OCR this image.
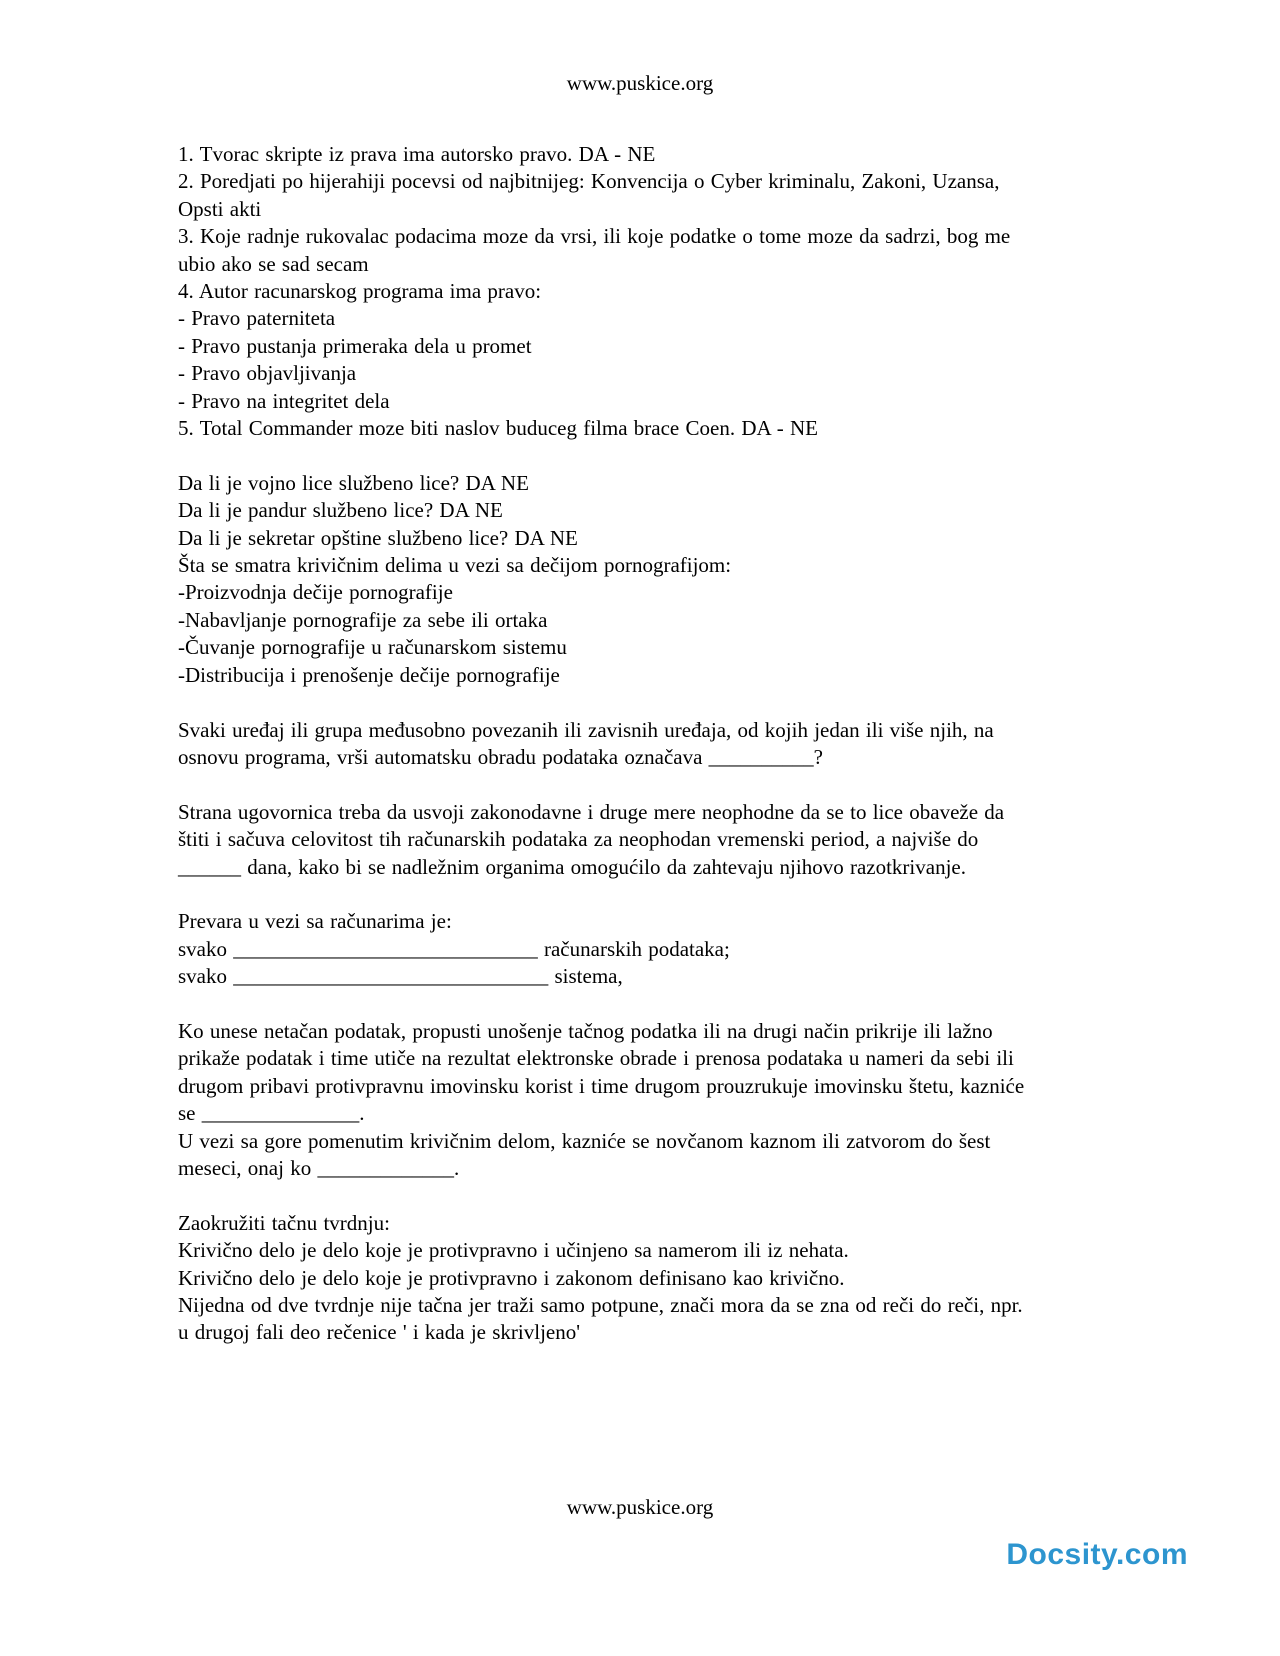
www.puskice.org
1. Tvorac skripte iz prava ima autorsko pravo. DA - NE
2. Poredjati po hijerahiji pocevsi od najbitnijeg: Konvencija o Cyber kriminalu, Zakoni, Uzansa, Opsti akti
3. Koje radnje rukovalac podacima moze da vrsi, ili koje podatke o tome moze da sadrzi, bog me ubio ako se sad secam
4. Autor racunarskog programa ima pravo:
- Pravo paterniteta
- Pravo pustanja primeraka dela u promet
- Pravo objavljivanja
- Pravo na integritet dela
5. Total Commander moze biti naslov buduceg filma brace Coen. DA - NE
Da li je vojno lice službeno lice? DA NE
Da li je pandur službeno lice? DA NE
Da li je sekretar opštine službeno lice? DA NE
Šta se smatra krivičnim delima u vezi sa dečijom pornografijom:
-Proizvodnja dečije pornografije
-Nabavljanje pornografije za sebe ili ortaka
-Čuvanje pornografije u računarskom sistemu
-Distribucija i prenošenje dečije pornografije
Svaki uređaj ili grupa međusobno povezanih ili zavisnih uređaja, od kojih jedan ili više njih, na osnovu programa, vrši automatsku obradu podataka označava __________?
Strana ugovornica treba da usvoji zakonodavne i druge mere neophodne da se to lice obaveže da štiti i sačuva celovitost tih računarskih podataka za neophodan vremenski period, a najviše do ______ dana, kako bi se nadležnim organima omogućilo da zahtevaju njihovo razotkrivanje.
Prevara u vezi sa računarima je:
svako _____________________________ računarskih podataka;
svako ______________________________ sistema,
Ko unese netačan podatak, propusti unošenje tačnog podatka ili na drugi način prikrije ili lažno prikaže podatak i time utiče na rezultat elektronske obrade i prenosa podataka u nameri da sebi ili drugom pribavi protivpravnu imovinsku korist i time drugom prouzrukuje imovinsku štetu, kazniće se _______________.
U vezi sa gore pomenutim krivičnim delom, kazniće se novčanom kaznom ili zatvorom do šest meseci, onaj ko _____________.
Zaokružiti tačnu tvrdnju:
Krivično delo je delo koje je protivpravno i učinjeno sa namerom ili iz nehata.
Krivično delo je delo koje je protivpravno i zakonom definisano kao krivično.
Nijedna od dve tvrdnje nije tačna jer traži samo potpune, znači mora da se zna od reči do reči, npr. u drugoj fali deo rečenice ' i kada je skrivljeno'
www.puskice.org
Docsity.com
